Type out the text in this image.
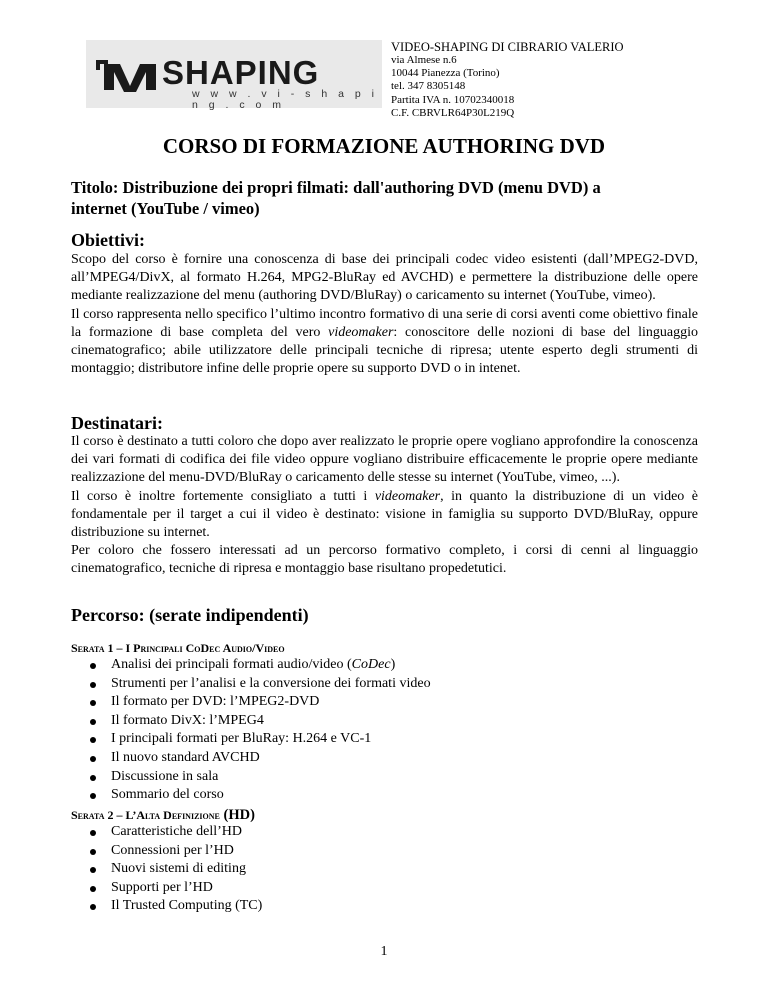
SHAPING
w w w . v i - s h a p i n g . c o m
VIDEO-SHAPING DI CIBRARIO VALERIO
via Almese n.6
10044 Pianezza (Torino)
tel. 347 8305148
Partita IVA n. 10702340018
C.F. CBRVLR64P30L219Q
CORSO DI FORMAZIONE AUTHORING DVD
Titolo: Distribuzione dei propri filmati: dall'authoring DVD (menu DVD) a
internet (YouTube / vimeo)
Obiettivi:

Scopo del corso è fornire una conoscenza di base dei principali codec video esistenti (dall’MPEG2-DVD, all’MPEG4/DivX, al formato H.264, MPG2-BluRay ed AVCHD) e permettere la distribuzione delle opere mediante realizzazione del menu (authoring DVD/BluRay) o caricamento su internet (YouTube, vimeo).

Il corso rappresenta nello specifico l’ultimo incontro formativo di una serie di corsi aventi come obiettivo finale la formazione di base completa del vero videomaker: conoscitore delle nozioni di base del linguaggio cinematografico; abile utilizzatore delle principali tecniche di ripresa; utente esperto degli strumenti di montaggio; distributore infine delle proprie opere su supporto DVD o in intenet.

Destinatari:

Il corso è destinato a tutti coloro che dopo aver realizzato le proprie opere vogliano approfondire la conoscenza dei vari formati di codifica dei file video oppure vogliano distribuire efficacemente le proprie opere mediante realizzazione del menu-DVD/BluRay o caricamento delle stesse su internet (YouTube, vimeo, ...).

Il corso è inoltre fortemente consigliato a tutti i videomaker, in quanto la distribuzione di un video è fondamentale per il target a cui il video è destinato: visione in famiglia su supporto DVD/BluRay, oppure distribuzione su internet.

Per coloro che fossero interessati ad un percorso formativo completo, i corsi di cenni al linguaggio cinematografico, tecniche di ripresa e montaggio base risultano propedetutici.

Percorso: (serate indipendenti)
Serata 1 – I Principali CoDec Audio/Video
Analisi dei principali formati audio/video (CoDec)
Strumenti per l’analisi e la conversione dei formati video
Il formato per DVD: l’MPEG2-DVD
Il formato DivX: l’MPEG4
I principali formati per BluRay: H.264 e VC-1
Il nuovo standard AVCHD
Discussione in sala
Sommario del corso
Serata 2 – L’Alta Definizione (HD)
Caratteristiche dell’HD
Connessioni per l’HD
Nuovi sistemi di editing
Supporti per l’HD
Il Trusted Computing (TC)
1
